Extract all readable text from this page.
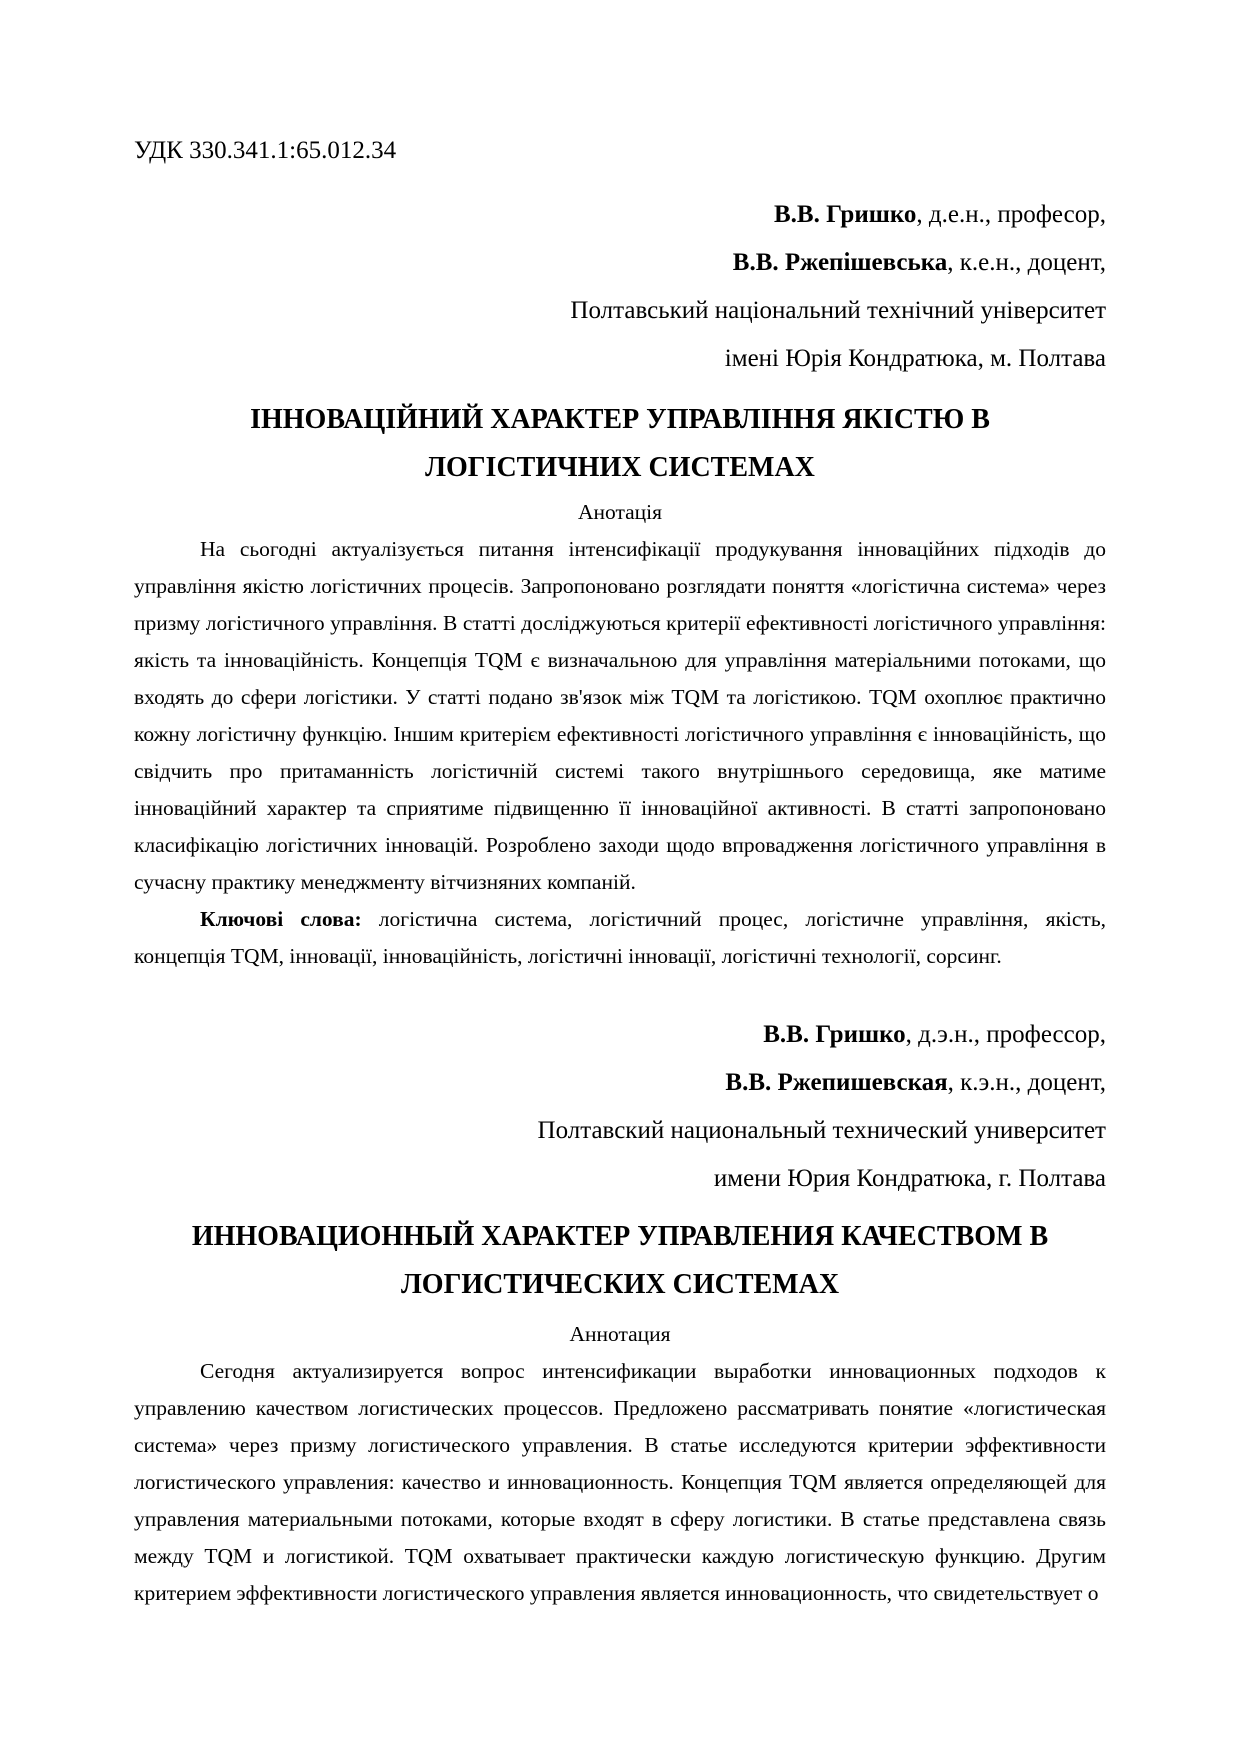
УДК 330.341.1:65.012.34
В.В. Гришко, д.е.н., професор,
В.В. Ржепішевська, к.е.н., доцент,
Полтавський національний технічний університет
імені Юрія Кондратюка, м. Полтава
ІННОВАЦІЙНИЙ ХАРАКТЕР УПРАВЛІННЯ ЯКІСТЮ В
ЛОГІСТИЧНИХ СИСТЕМАХ
Анотація

На сьогодні актуалізується питання інтенсифікації продукування інноваційних підходів до управління якістю логістичних процесів. Запропоновано розглядати поняття «логістична система» через призму логістичного управління. В статті досліджуються критерії ефективності логістичного управління: якість та інноваційність. Концепція TQM є визначальною для управління матеріальними потоками, що входять до сфери логістики. У статті подано зв'язок між TQM та логістикою. TQM охоплює практично кожну логістичну функцію. Іншим критерієм ефективності логістичного управління є інноваційність, що свідчить про притаманність логістичній системі такого внутрішнього середовища, яке матиме інноваційний характер та сприятиме підвищенню її інноваційної активності. В статті запропоновано класифікацію логістичних інновацій. Розроблено заходи щодо впровадження логістичного управління в сучасну практику менеджменту вітчизняних компаній.

Ключові слова: логістична система, логістичний процес, логістичне управління, якість, концепція TQM, інновації, інноваційність, логістичні інновації, логістичні технології, сорсинг.

В.В. Гришко, д.э.н., профессор,
В.В. Ржепишевская, к.э.н., доцент,
Полтавский национальный технический университет
имени Юрия Кондратюка, г. Полтава
ИННОВАЦИОННЫЙ ХАРАКТЕР УПРАВЛЕНИЯ КАЧЕСТВОМ В
ЛОГИСТИЧЕСКИХ СИСТЕМАХ
Аннотация

Сегодня актуализируется вопрос интенсификации выработки инновационных подходов к управлению качеством логистических процессов. Предложено рассматривать понятие «логистическая система» через призму логистического управления. В статье исследуются критерии эффективности логистического управления: качество и инновационность. Концепция TQM является определяющей для управления материальными потоками, которые входят в сферу логистики. В статье представлена связь между TQM и логистикой. TQM охватывает практически каждую логистическую функцию. Другим критерием эффективности логистического управления является инновационность, что свидетельствует о
